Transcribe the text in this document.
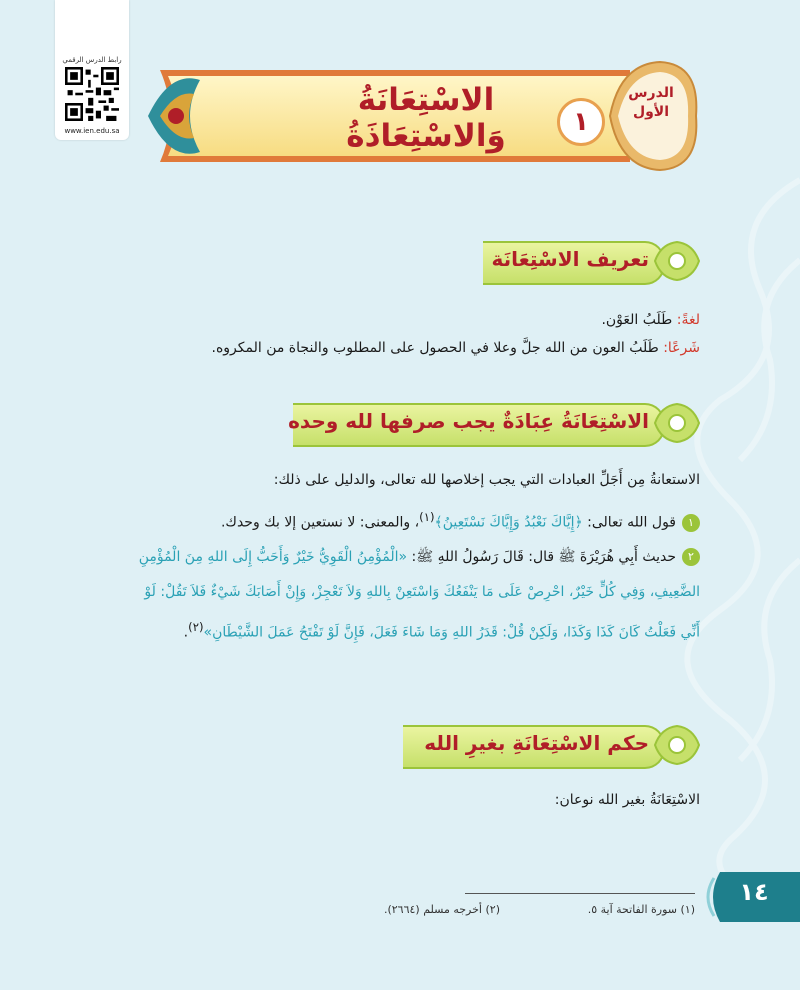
رابط الدرس الرقمي
www.ien.edu.sa
الاسْتِعَانَةُ وَالاسْتِعَاذَةُ	١
الدرس الأول
تعريف الاسْتِعَانَة
لغةً: طَلَبُ العَوْن.
شَرعًا: طَلَبُ العون من الله جلَّ وعلا في الحصول على المطلوب والنجاة من المكروه.
الاسْتِعَانَةُ عِبَادَةٌ يجب صرفها لله وحده
الاستعانةُ مِن أَجَلِّ العبادات التي يجب إخلاصها لله تعالى، والدليل على ذلك:
١قول الله تعالى: ﴿إِيَّاكَ نَعْبُدُ وَإِيَّاكَ نَسْتَعِينُ﴾$^{(١)}$، والمعنى: لا نستعين إلا بك وحدك.
٢حديث أَبِي هُرَيْرَةَ ﷺ قال: قَالَ رَسُولُ اللهِ ﷺ: «الْمُؤْمِنُ الْقَوِيُّ خَيْرٌ وَأَحَبُّ إِلَى اللهِ مِنَ الْمُؤْمِنِ
الضَّعِيفِ، وَفِي كُلٍّ خَيْرٌ، احْرِصْ عَلَى مَا يَنْفَعُكَ وَاسْتَعِنْ بِاللهِ وَلاَ تَعْجِزْ، وَإِنْ أَصَابَكَ شَيْءٌ فَلاَ تَقُلْ: لَوْ
أَنِّي فَعَلْتُ كَانَ كَذَا وَكَذَا، وَلَكِنْ قُلْ: قَدَرُ اللهِ وَمَا شَاءَ فَعَلَ، فَإِنَّ لَوْ تَفْتَحُ عَمَلَ الشَّيْطَانِ»$^{(٢)}$.
حكم الاسْتِعَانَةِ بغيرِ الله
الاسْتِعَانَةُ بغير الله نوعان:
(١) سورة الفاتحة آية ٥.
(٢) أخرجه مسلم (٢٦٦٤).
١٤
